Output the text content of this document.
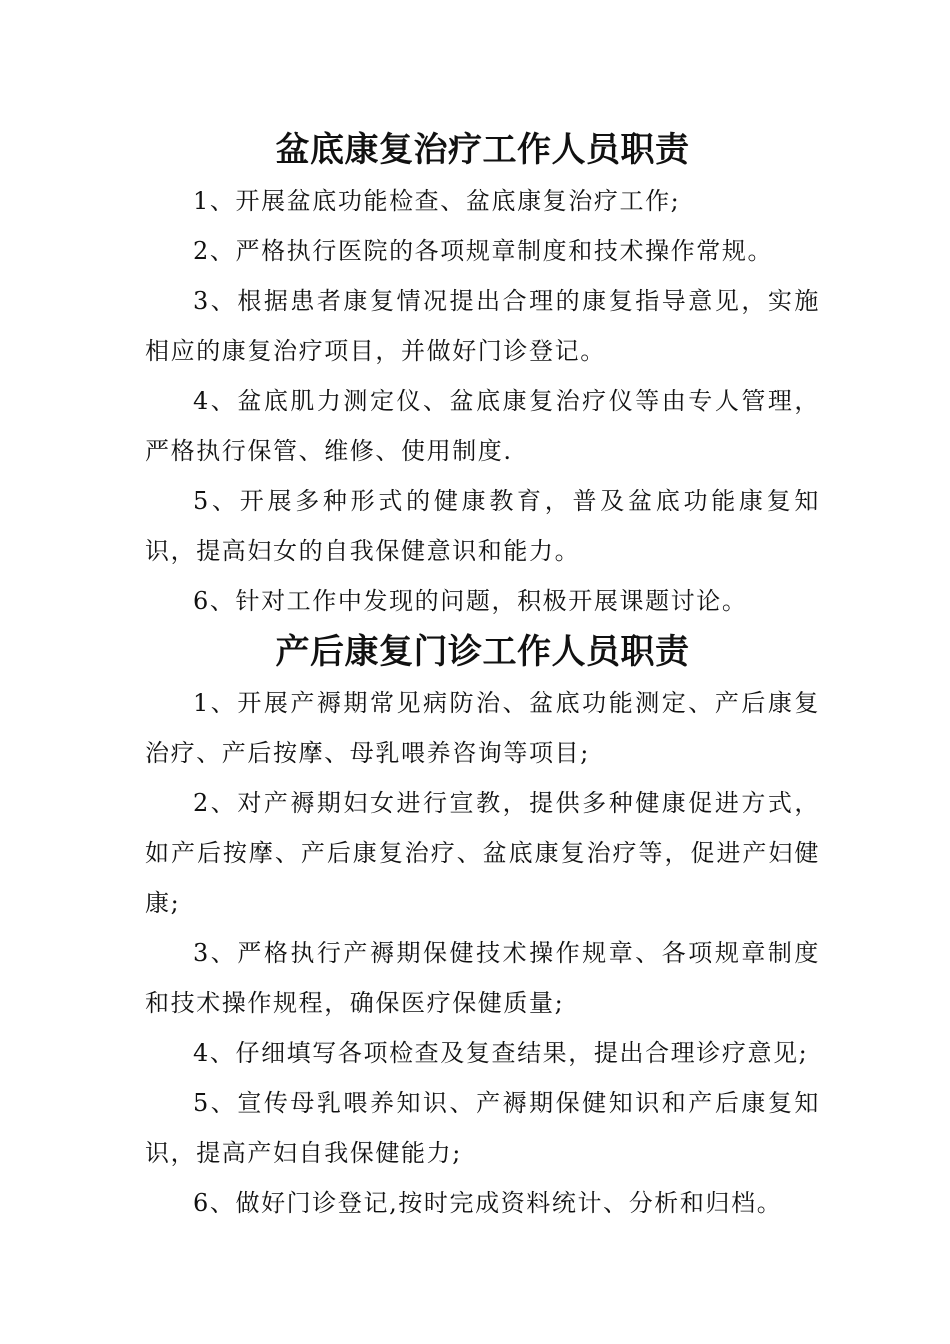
盆底康复治疗工作人员职责

1、开展盆底功能检查、盆底康复治疗工作;

2、严格执行医院的各项规章制度和技术操作常规。

3、根据患者康复情况提出合理的康复指导意见，实施相应的康复治疗项目，并做好门诊登记。

4、盆底肌力测定仪、盆底康复治疗仪等由专人管理，严格执行保管、维修、使用制度.

5、开展多种形式的健康教育，普及盆底功能康复知识，提高妇女的自我保健意识和能力。

6、针对工作中发现的问题，积极开展课题讨论。

产后康复门诊工作人员职责

1、开展产褥期常见病防治、盆底功能测定、产后康复治疗、产后按摩、母乳喂养咨询等项目;

2、对产褥期妇女进行宣教，提供多种健康促进方式，如产后按摩、产后康复治疗、盆底康复治疗等，促进产妇健康;

3、严格执行产褥期保健技术操作规章、各项规章制度和技术操作规程，确保医疗保健质量;

4、仔细填写各项检查及复查结果，提出合理诊疗意见;

5、宣传母乳喂养知识、产褥期保健知识和产后康复知识，提高产妇自我保健能力;

6、做好门诊登记,按时完成资料统计、分析和归档。
